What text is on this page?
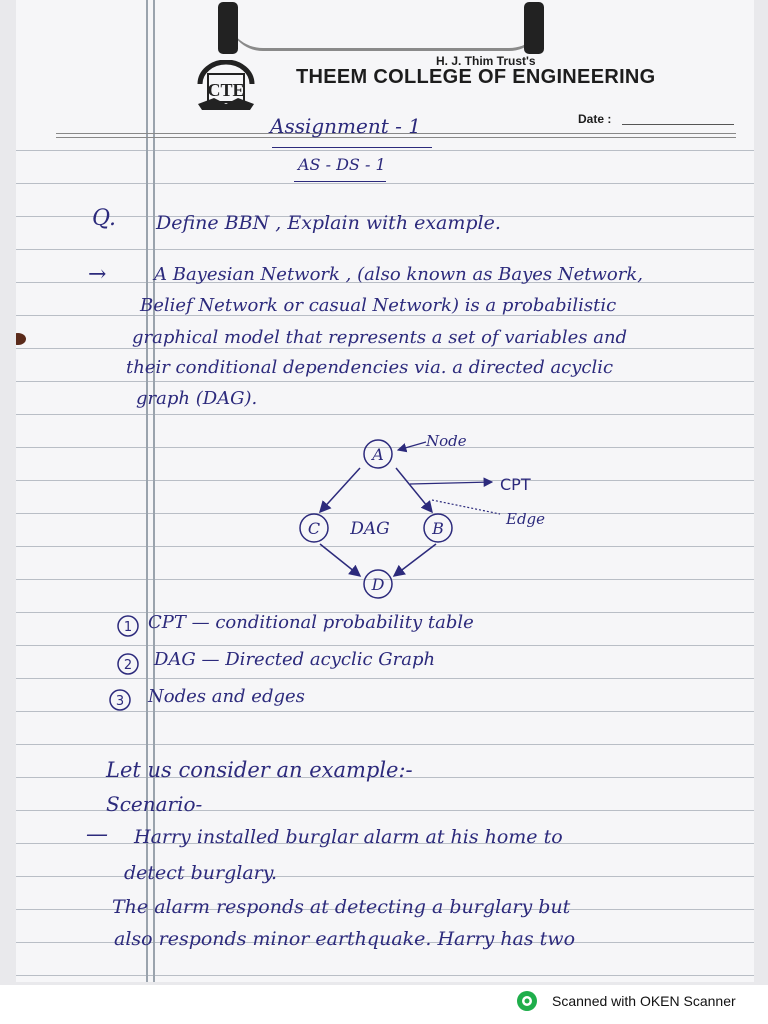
CTE
H. J. Thim Trust's
THEEM COLLEGE OF ENGINEERING
Date :
Assignment - 1
AS - DS - 1
Q. Define BBN , Explain with example.
→	A Bayesian Network , (also known as Bayes Network,
Belief Network or casual Network) is a probabilistic
graphical model that represents a set of variables and
their conditional dependencies via. a directed acyclic
graph (DAG).
A
C	B
D
DAG
Node
CPT
Edge
1 CPT — conditional probability table
2 DAG — Directed acyclic Graph
3 Nodes and edges
Let us consider an example:-
Scenario-
— Harry installed burglar alarm at his home to
detect burglary.
The alarm responds at detecting a burglary but
also responds minor earthquake. Harry has two
Scanned with OKEN Scanner
